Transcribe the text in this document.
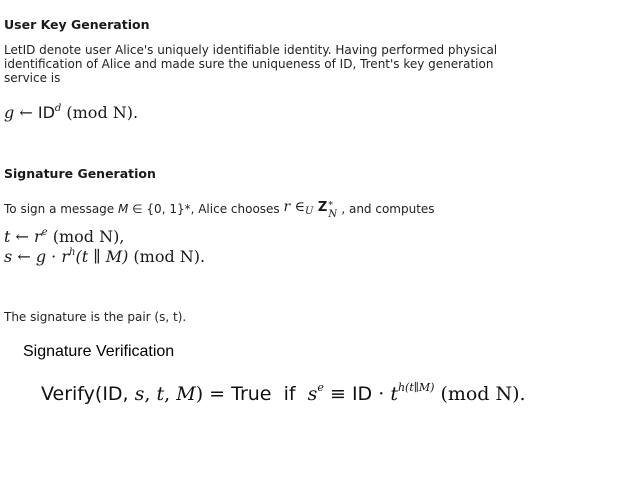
User Key Generation
LetID denote user Alice's uniquely identifiable identity. Having performed physical
identification of Alice and made sure the uniqueness of ID, Trent's key generation
service is
g ← $ID^d$ (mod N).
Signature Generation
To sign a message M ∈ {0, 1}*, Alice chooses r $\in_U$ Z *
N , and computes
t ← $r^e$ (mod N),
s ← $g \cdot r^h(t$ ∥ M) (mod N).
The signature is the pair (s, t).
Signature Verification
Verify(ID, s, t, M) = True if $s^e$ ≡ ID · $t^{h(t\parallel M)}$ (mod N).
